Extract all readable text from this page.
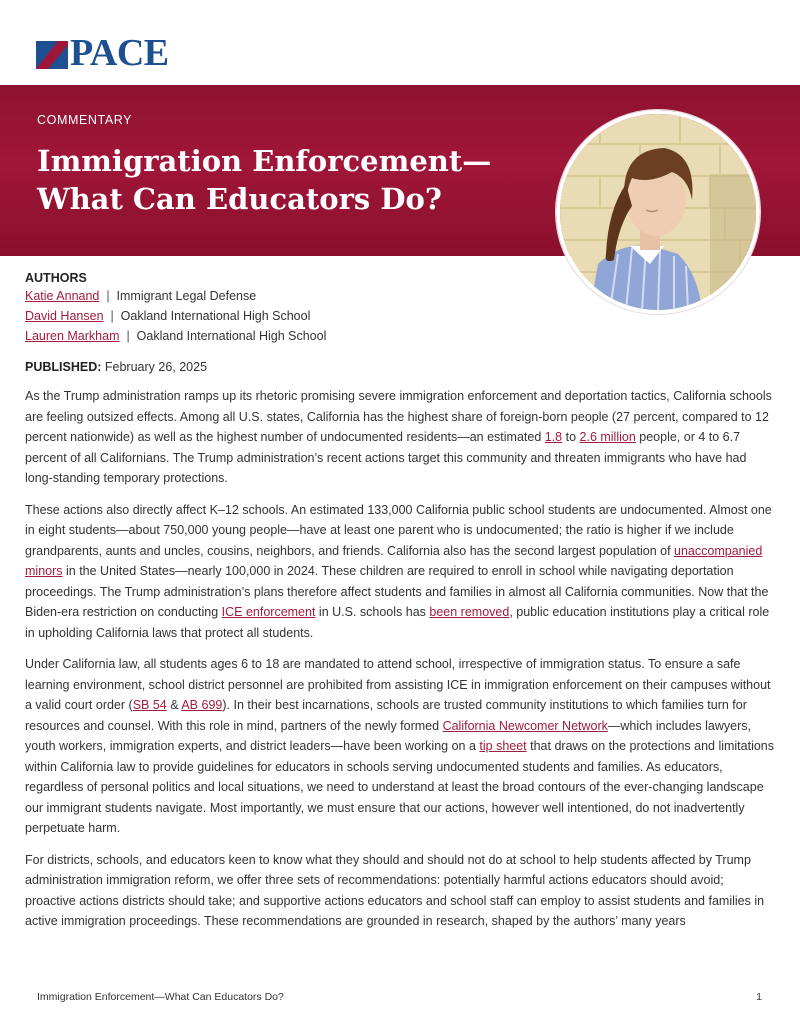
PACE
COMMENTARY
Immigration Enforcement—What Can Educators Do?
AUTHORS
Katie Annand  |  Immigrant Legal Defense
David Hansen  |  Oakland International High School
Lauren Markham  |  Oakland International High School
PUBLISHED: February 26, 2025

As the Trump administration ramps up its rhetoric promising severe immigration enforcement and deportation tactics, California schools are feeling outsized effects. Among all U.S. states, California has the highest share of foreign-born people (27 percent, compared to 12 percent nationwide) as well as the highest number of undocumented residents—an estimated 1.8 to 2.6 million people, or 4 to 6.7 percent of all Californians. The Trump administration’s recent actions target this community and threaten immigrants who have had long-standing temporary protections.

These actions also directly affect K–12 schools. An estimated 133,000 California public school students are undocumented. Almost one in eight students—about 750,000 young people—have at least one parent who is undocumented; the ratio is higher if we include grandparents, aunts and uncles, cousins, neighbors, and friends. California also has the second largest population of unaccompanied minors in the United States—nearly 100,000 in 2024. These children are required to enroll in school while navigating deportation proceedings. The Trump administration’s plans therefore affect students and families in almost all California communities. Now that the Biden-era restriction on conducting ICE enforcement in U.S. schools has been removed, public education institutions play a critical role in upholding California laws that protect all students.

Under California law, all students ages 6 to 18 are mandated to attend school, irrespective of immigration status. To ensure a safe learning environment, school district personnel are prohibited from assisting ICE in immigration enforcement on their campuses without a valid court order (SB 54 & AB 699). In their best incarnations, schools are trusted community institutions to which families turn for resources and counsel. With this role in mind, partners of the newly formed California Newcomer Network—which includes lawyers, youth workers, immigration experts, and district leaders—have been working on a tip sheet that draws on the protections and limitations within California law to provide guidelines for educators in schools serving undocumented students and families. As educators, regardless of personal politics and local situations, we need to understand at least the broad contours of the ever-changing landscape our immigrant students navigate. Most importantly, we must ensure that our actions, however well intentioned, do not inadvertently perpetuate harm.

For districts, schools, and educators keen to know what they should and should not do at school to help students affected by Trump administration immigration reform, we offer three sets of recommendations: potentially harmful actions educators should avoid; proactive actions districts should take; and supportive actions educators and school staff can employ to assist students and families in active immigration proceedings. These recommendations are grounded in research, shaped by the authors’ many years

Immigration Enforcement—What Can Educators Do?	1
